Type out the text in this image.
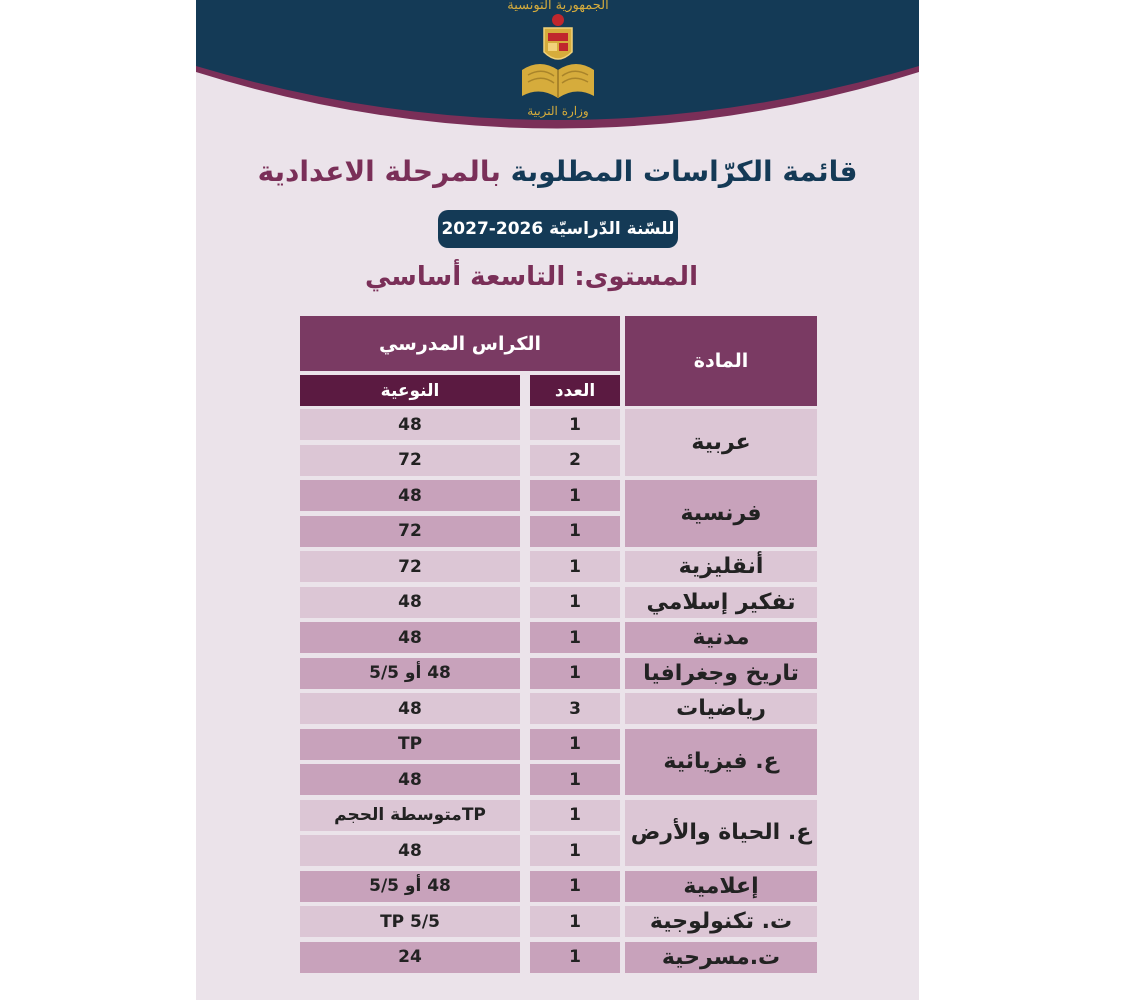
الجمهورية التونسية
وزارة التربية
قائمة الكرّاسات المطلوبة بالمرحلة الاعدادية
للسّنة الدّراسيّة 2026-2027
المستوى: التاسعة أساسي
المادة
الكراس المدرسي
العدد
النوعية
عربية
1
48
2
72
فرنسية
1
48
1
72
أنقليزية
1
72
تفكير إسلامي
1
48
مدنية
1
48
تاريخ وجغرافيا
1
48 أو 5/5
رياضيات
3
48
ع. فيزيائية
1
TP
1
48
ع. الحياة والأرض
1
TPمتوسطة الحجم
1
48
إعلامية
1
48 أو 5/5
ت. تكنولوجية
1
TP 5/5
ت.مسرحية
1
24
